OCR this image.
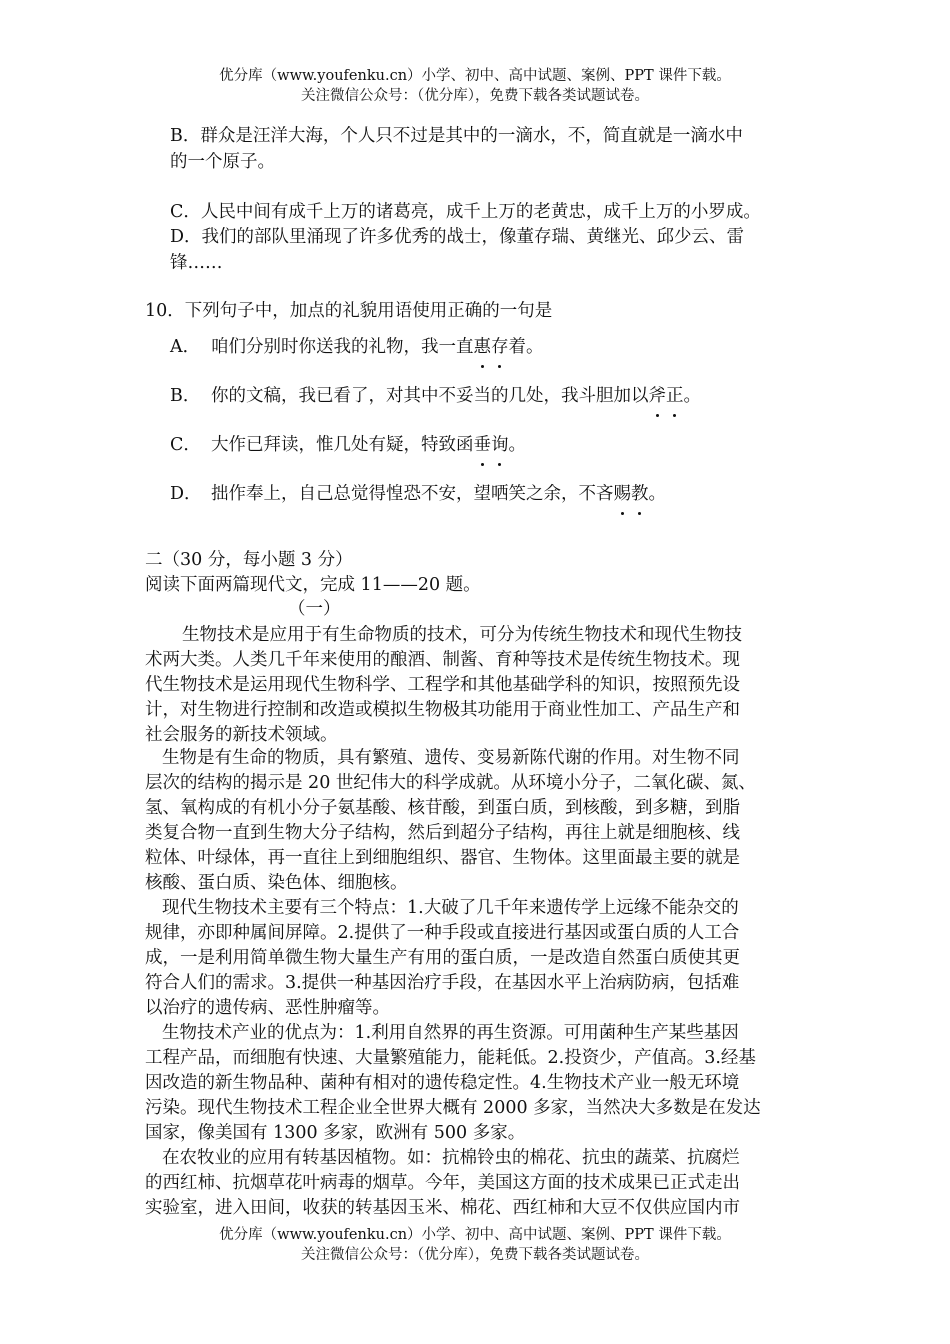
优分库（www.youfenku.cn）小学、初中、高中试题、案例、PPT 课件下载。
关注微信公众号：（优分库），免费下载各类试题试卷。
B．群众是汪洋大海，个人只不过是其中的一滴水，不，简直就是一滴水中
的一个原子。
C．人民中间有成千上万的诸葛亮，成千上万的老黄忠，成千上万的小罗成。
D．我们的部队里涌现了许多优秀的战士，像董存瑞、黄继光、邱少云、雷
锋……
10．下列句子中，加点的礼貌用语使用正确的一句是
A． 咱们分别时你送我的礼物，我一直惠存着。
B． 你的文稿，我已看了，对其中不妥当的几处，我斗胆加以斧正。
C． 大作已拜读，惟几处有疑，特致函垂询。
D． 拙作奉上，自己总觉得惶恐不安，望哂笑之余，不吝赐教。
二（30 分，每小题 3 分）
阅读下面两篇现代文，完成 11——20 题。
（一）
生物技术是应用于有生命物质的技术，可分为传统生物技术和现代生物技
术两大类。人类几千年来使用的酿酒、制酱、育种等技术是传统生物技术。现
代生物技术是运用现代生物科学、工程学和其他基础学科的知识，按照预先设
计，对生物进行控制和改造或模拟生物极其功能用于商业性加工、产品生产和
社会服务的新技术领域。
生物是有生命的物质，具有繁殖、遗传、变易新陈代谢的作用。对生物不同
层次的结构的揭示是 20 世纪伟大的科学成就。从环境小分子，二氧化碳、氮、
氢、氧构成的有机小分子氨基酸、核苷酸，到蛋白质，到核酸，到多糖，到脂
类复合物一直到生物大分子结构，然后到超分子结构，再往上就是细胞核、线
粒体、叶绿体，再一直往上到细胞组织、器官、生物体。这里面最主要的就是
核酸、蛋白质、染色体、细胞核。
现代生物技术主要有三个特点：1.大破了几千年来遗传学上远缘不能杂交的
规律，亦即种属间屏障。2.提供了一种手段或直接进行基因或蛋白质的人工合
成，一是利用简单微生物大量生产有用的蛋白质，一是改造自然蛋白质使其更
符合人们的需求。3.提供一种基因治疗手段，在基因水平上治病防病，包括难
以治疗的遗传病、恶性肿瘤等。
生物技术产业的优点为：1.利用自然界的再生资源。可用菌种生产某些基因
工程产品，而细胞有快速、大量繁殖能力，能耗低。2.投资少，产值高。3.经基
因改造的新生物品种、菌种有相对的遗传稳定性。4.生物技术产业一般无环境
污染。现代生物技术工程企业全世界大概有 2000 多家，当然决大多数是在发达
国家，像美国有 1300 多家，欧洲有 500 多家。
在农牧业的应用有转基因植物。如：抗棉铃虫的棉花、抗虫的蔬菜、抗腐烂
的西红柿、抗烟草花叶病毒的烟草。今年，美国这方面的技术成果已正式走出
实验室，进入田间，收获的转基因玉米、棉花、西红柿和大豆不仅供应国内市
优分库（www.youfenku.cn）小学、初中、高中试题、案例、PPT 课件下载。
关注微信公众号：（优分库），免费下载各类试题试卷。
